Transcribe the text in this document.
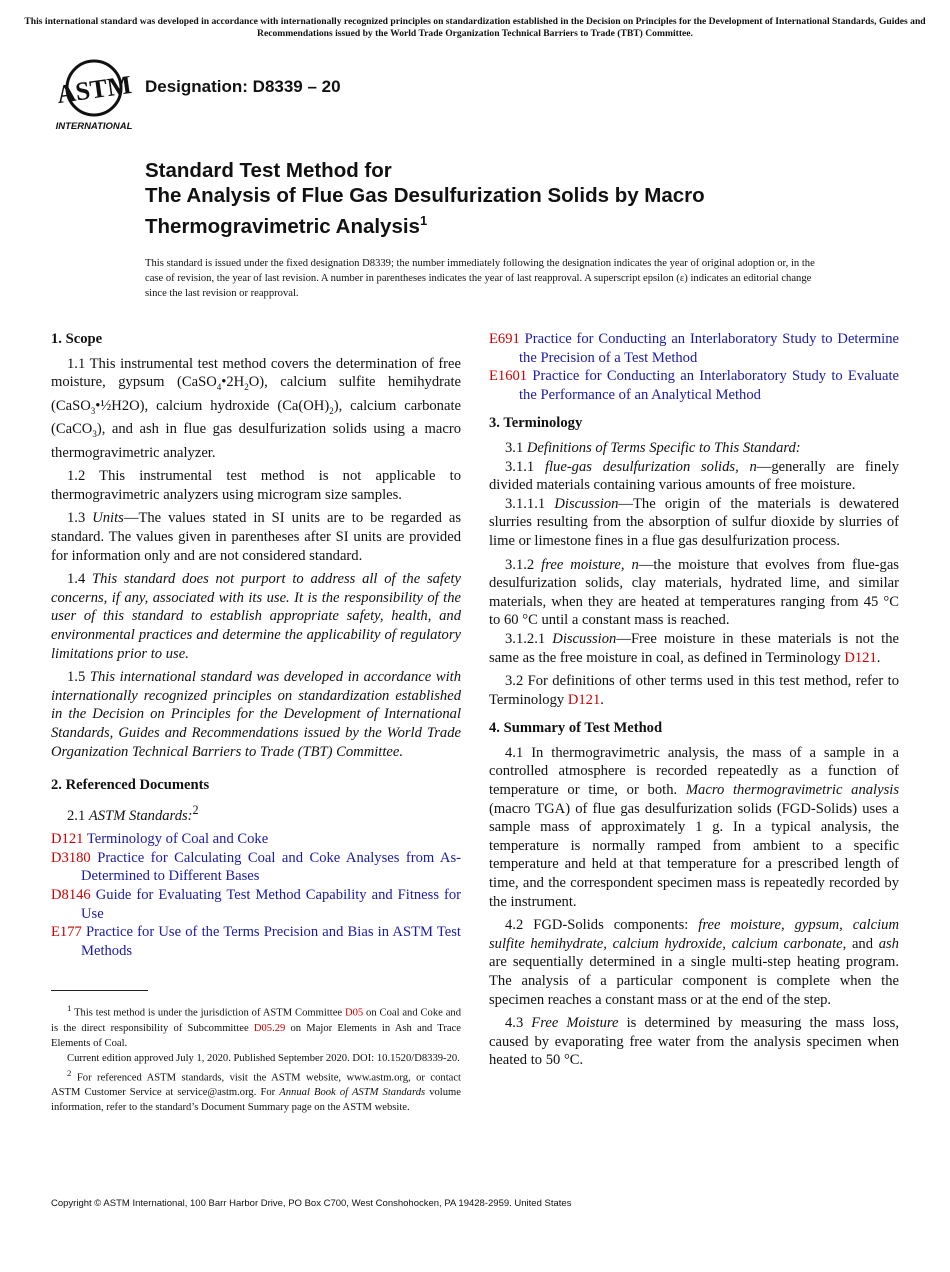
This international standard was developed in accordance with internationally recognized principles on standardization established in the Decision on Principles for the Development of International Standards, Guides and Recommendations issued by the World Trade Organization Technical Barriers to Trade (TBT) Committee.
ASTM
INTERNATIONAL
Designation: D8339 – 20
Standard Test Method for
The Analysis of Flue Gas Desulfurization Solids by Macro
Thermogravimetric Analysis$^1$
This standard is issued under the fixed designation D8339; the number immediately following the designation indicates the year of original adoption or, in the case of revision, the year of last revision. A number in parentheses indicates the year of last reapproval. A superscript epsilon (ε) indicates an editorial change since the last revision or reapproval.
1. Scope

1.1 This instrumental test method covers the determination of free moisture, gypsum $(CaSO_4•2H_2O)$, calcium sulfite hemihydrate (CaSO$_3$•½H2O), calcium hydroxide $(Ca(OH)_2)$, calcium carbonate (CaCO$_3$), and ash in flue gas desulfurization solids using a macro thermogravimetric analyzer.

1.2 This instrumental test method is not applicable to thermogravimetric analyzers using microgram size samples.

1.3 Units—The values stated in SI units are to be regarded as standard. The values given in parentheses after SI units are provided for information only and are not considered standard.

1.4 This standard does not purport to address all of the safety concerns, if any, associated with its use. It is the responsibility of the user of this standard to establish appropriate safety, health, and environmental practices and determine the applicability of regulatory limitations prior to use.

1.5 This international standard was developed in accordance with internationally recognized principles on standardization established in the Decision on Principles for the Development of International Standards, Guides and Recommendations issued by the World Trade Organization Technical Barriers to Trade (TBT) Committee.

2. Referenced Documents

2.1 ASTM Standards:$^2$

D121 Terminology of Coal and Coke
D3180 Practice for Calculating Coal and Coke Analyses from As-Determined to Different Bases
D8146 Guide for Evaluating Test Method Capability and Fitness for Use
E177 Practice for Use of the Terms Precision and Bias in ASTM Test Methods

$^1$ This test method is under the jurisdiction of ASTM Committee D05 on Coal and Coke and is the direct responsibility of Subcommittee D05.29 on Major Elements in Ash and Trace Elements of Coal.

Current edition approved July 1, 2020. Published September 2020. DOI: 10.1520/D8339-20.

$^2$ For referenced ASTM standards, visit the ASTM website, www.astm.org, or contact ASTM Customer Service at service@astm.org. For Annual Book of ASTM Standards volume information, refer to the standard’s Document Summary page on the ASTM website.

E691 Practice for Conducting an Interlaboratory Study to Determine the Precision of a Test Method
E1601 Practice for Conducting an Interlaboratory Study to Evaluate the Performance of an Analytical Method
3. Terminology

3.1 Definitions of Terms Specific to This Standard:

3.1.1 flue-gas desulfurization solids, n—generally are finely divided materials containing various amounts of free moisture.

3.1.1.1 Discussion—The origin of the materials is dewatered slurries resulting from the absorption of sulfur dioxide by slurries of lime or limestone fines in a flue gas desulfurization process.

3.1.2 free moisture, n—the moisture that evolves from flue-gas desulfurization solids, clay materials, hydrated lime, and similar materials, when they are heated at temperatures ranging from 45 °C to 60 °C until a constant mass is reached.

3.1.2.1 Discussion—Free moisture in these materials is not the same as the free moisture in coal, as defined in Terminology D121.

3.2 For definitions of other terms used in this test method, refer to Terminology D121.

4. Summary of Test Method

4.1 In thermogravimetric analysis, the mass of a sample in a controlled atmosphere is recorded repeatedly as a function of temperature or time, or both. Macro thermogravimetric analysis (macro TGA) of flue gas desulfurization solids (FGD-Solids) uses a sample mass of approximately 1 g. In a typical analysis, the temperature is normally ramped from ambient to a specific temperature and held at that temperature for a prescribed length of time, and the correspondent specimen mass is repeatedly recorded by the instrument.

4.2 FGD-Solids components: free moisture, gypsum, calcium sulfite hemihydrate, calcium hydroxide, calcium carbonate, and ash are sequentially determined in a single multi-step heating program. The analysis of a particular component is complete when the specimen reaches a constant mass or at the end of the step.

4.3 Free Moisture is determined by measuring the mass loss, caused by evaporating free water from the analysis specimen when heated to 50 °C.

Copyright © ASTM International, 100 Barr Harbor Drive, PO Box C700, West Conshohocken, PA 19428-2959. United States
